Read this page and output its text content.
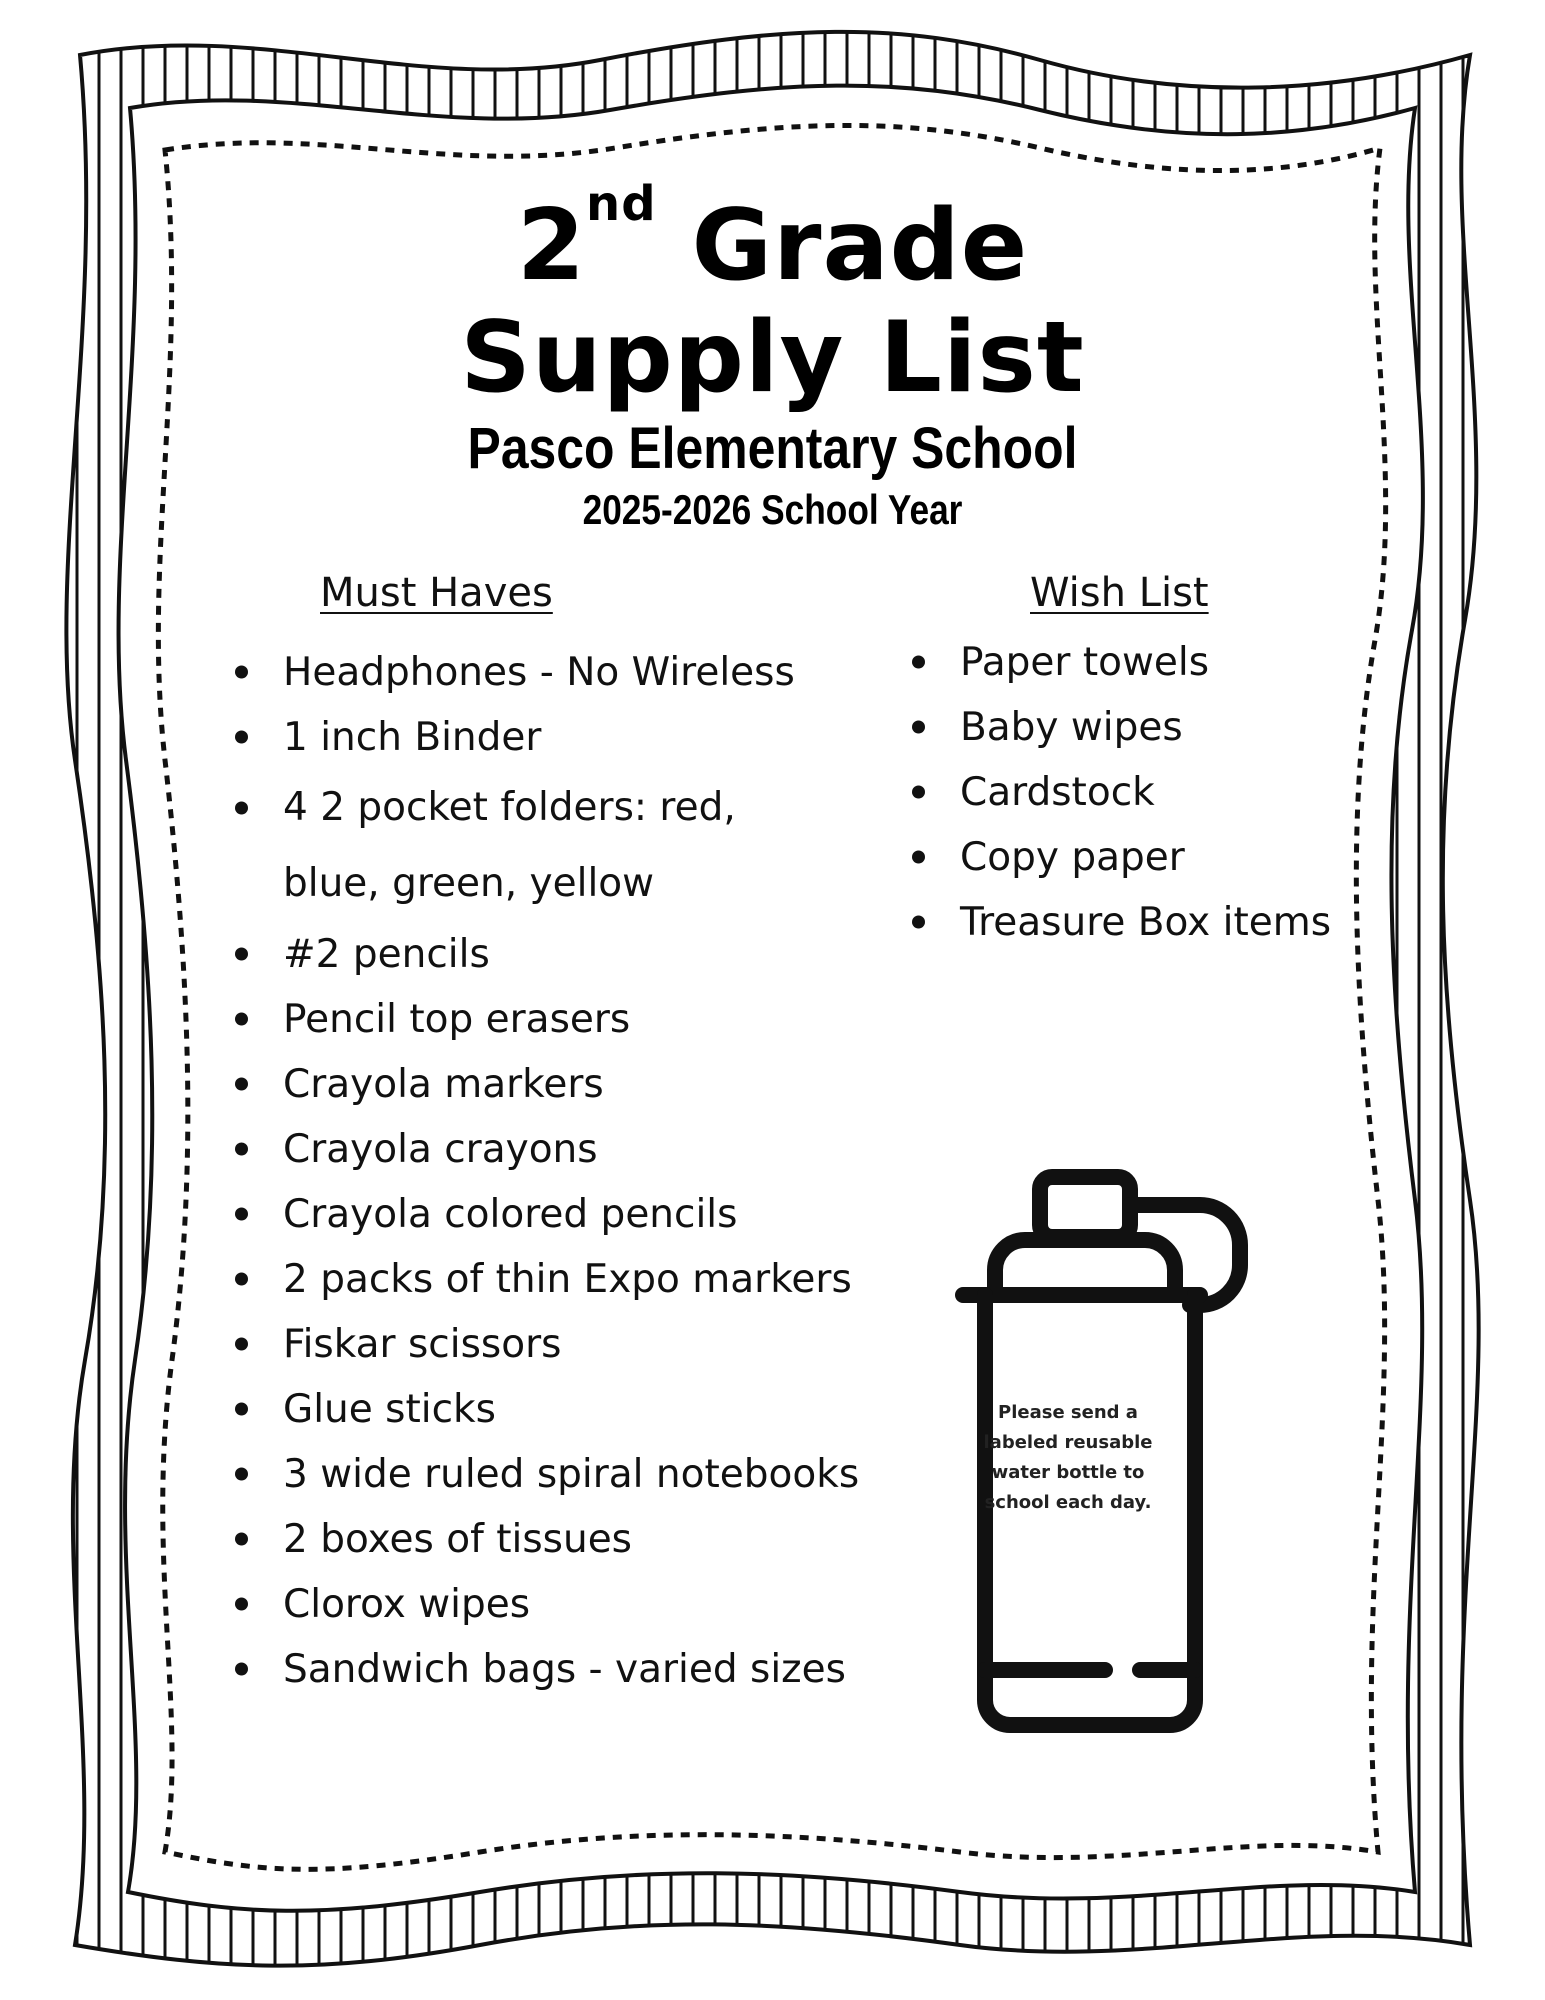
2nd Grade
Supply List
Pasco Elementary School
2025-2026 School Year
Must Haves
Headphones - No Wireless
1 inch Binder
4 2 pocket folders: red, blue, green, yellow
#2 pencils
Pencil top erasers
Crayola markers
Crayola crayons
Crayola colored pencils
2 packs of thin Expo markers
Fiskar scissors
Glue sticks
3 wide ruled spiral notebooks
2 boxes of tissues
Clorox wipes
Sandwich bags - varied sizes
Wish List
Paper towels
Baby wipes
Cardstock
Copy paper
Treasure Box items
Please send a labeled reusable water bottle to school each day.
